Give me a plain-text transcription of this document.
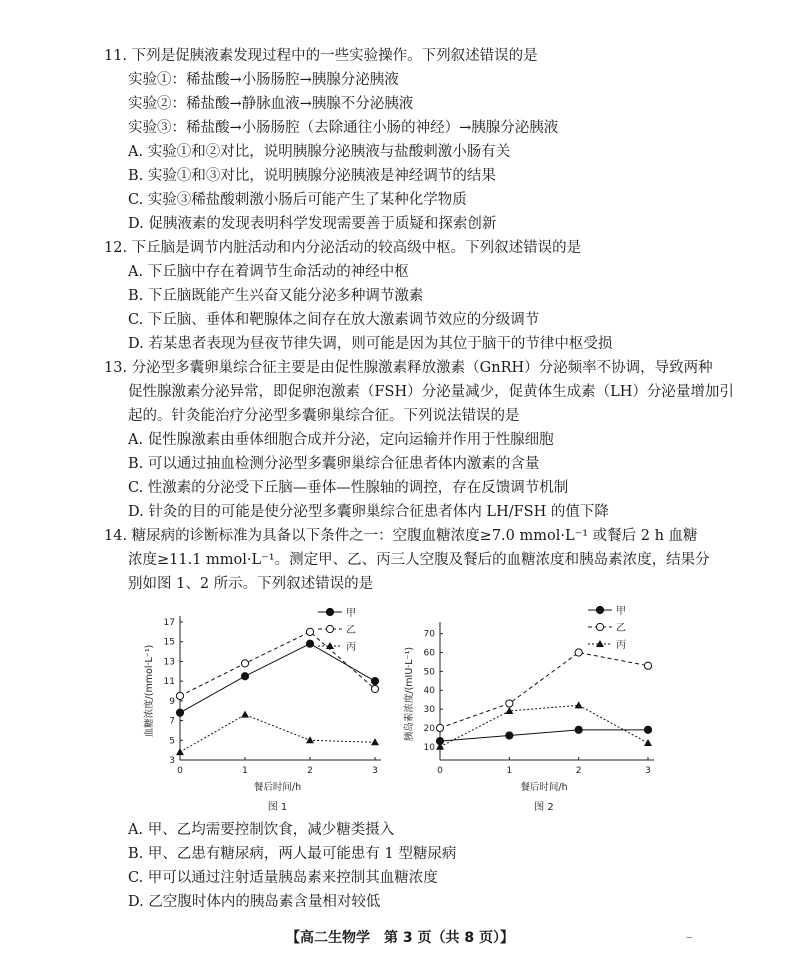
11. 下列是促胰液素发现过程中的一些实验操作。下列叙述错误的是
实验①：稀盐酸→小肠肠腔→胰腺分泌胰液
实验②：稀盐酸→静脉血液→胰腺不分泌胰液
实验③：稀盐酸→小肠肠腔（去除通往小肠的神经）→胰腺分泌胰液
A. 实验①和②对比，说明胰腺分泌胰液与盐酸刺激小肠有关
B. 实验①和③对比，说明胰腺分泌胰液是神经调节的结果
C. 实验③稀盐酸刺激小肠后可能产生了某种化学物质
D. 促胰液素的发现表明科学发现需要善于质疑和探索创新
12. 下丘脑是调节内脏活动和内分泌活动的较高级中枢。下列叙述错误的是
A. 下丘脑中存在着调节生命活动的神经中枢
B. 下丘脑既能产生兴奋又能分泌多种调节激素
C. 下丘脑、垂体和靶腺体之间存在放大激素调节效应的分级调节
D. 若某患者表现为昼夜节律失调，则可能是因为其位于脑干的节律中枢受损
13. 分泌型多囊卵巢综合征主要是由促性腺激素释放激素（GnRH）分泌频率不协调，导致两种
促性腺激素分泌异常，即促卵泡激素（FSH）分泌量减少，促黄体生成素（LH）分泌量增加引
起的。针灸能治疗分泌型多囊卵巢综合征。下列说法错误的是
A. 促性腺激素由垂体细胞合成并分泌，定向运输并作用于性腺细胞
B. 可以通过抽血检测分泌型多囊卵巢综合征患者体内激素的含量
C. 性激素的分泌受下丘脑—垂体—性腺轴的调控，存在反馈调节机制
D. 针灸的目的可能是使分泌型多囊卵巢综合征患者体内 LH/FSH 的值下降
14. 糖尿病的诊断标准为具备以下条件之一：空腹血糖浓度≥7.0 mmol·L⁻¹ 或餐后 2 h 血糖
浓度≥11.1 mmol·L⁻¹。测定甲、乙、丙三人空腹及餐后的血糖浓度和胰岛素浓度，结果分
别如图 1、2 所示。下列叙述错误的是
0	1	2	3
3
5
7
9
11
13
15
17
餐后时间/h
血糖浓度/(mmol·L⁻¹)
图 1
甲
乙
丙
0	1	2	3
10
20
30
40
50
60
70
餐后时间/h
胰岛素浓度/(mIU·L⁻¹)
图 2
甲
乙
丙
A. 甲、乙均需要控制饮食，减少糖类摄入
B. 甲、乙患有糖尿病，两人最可能患有 1 型糖尿病
C. 甲可以通过注射适量胰岛素来控制其血糖浓度
D. 乙空腹时体内的胰岛素含量相对较低
【高二生物学　第 3 页（共 8 页）】	‒
